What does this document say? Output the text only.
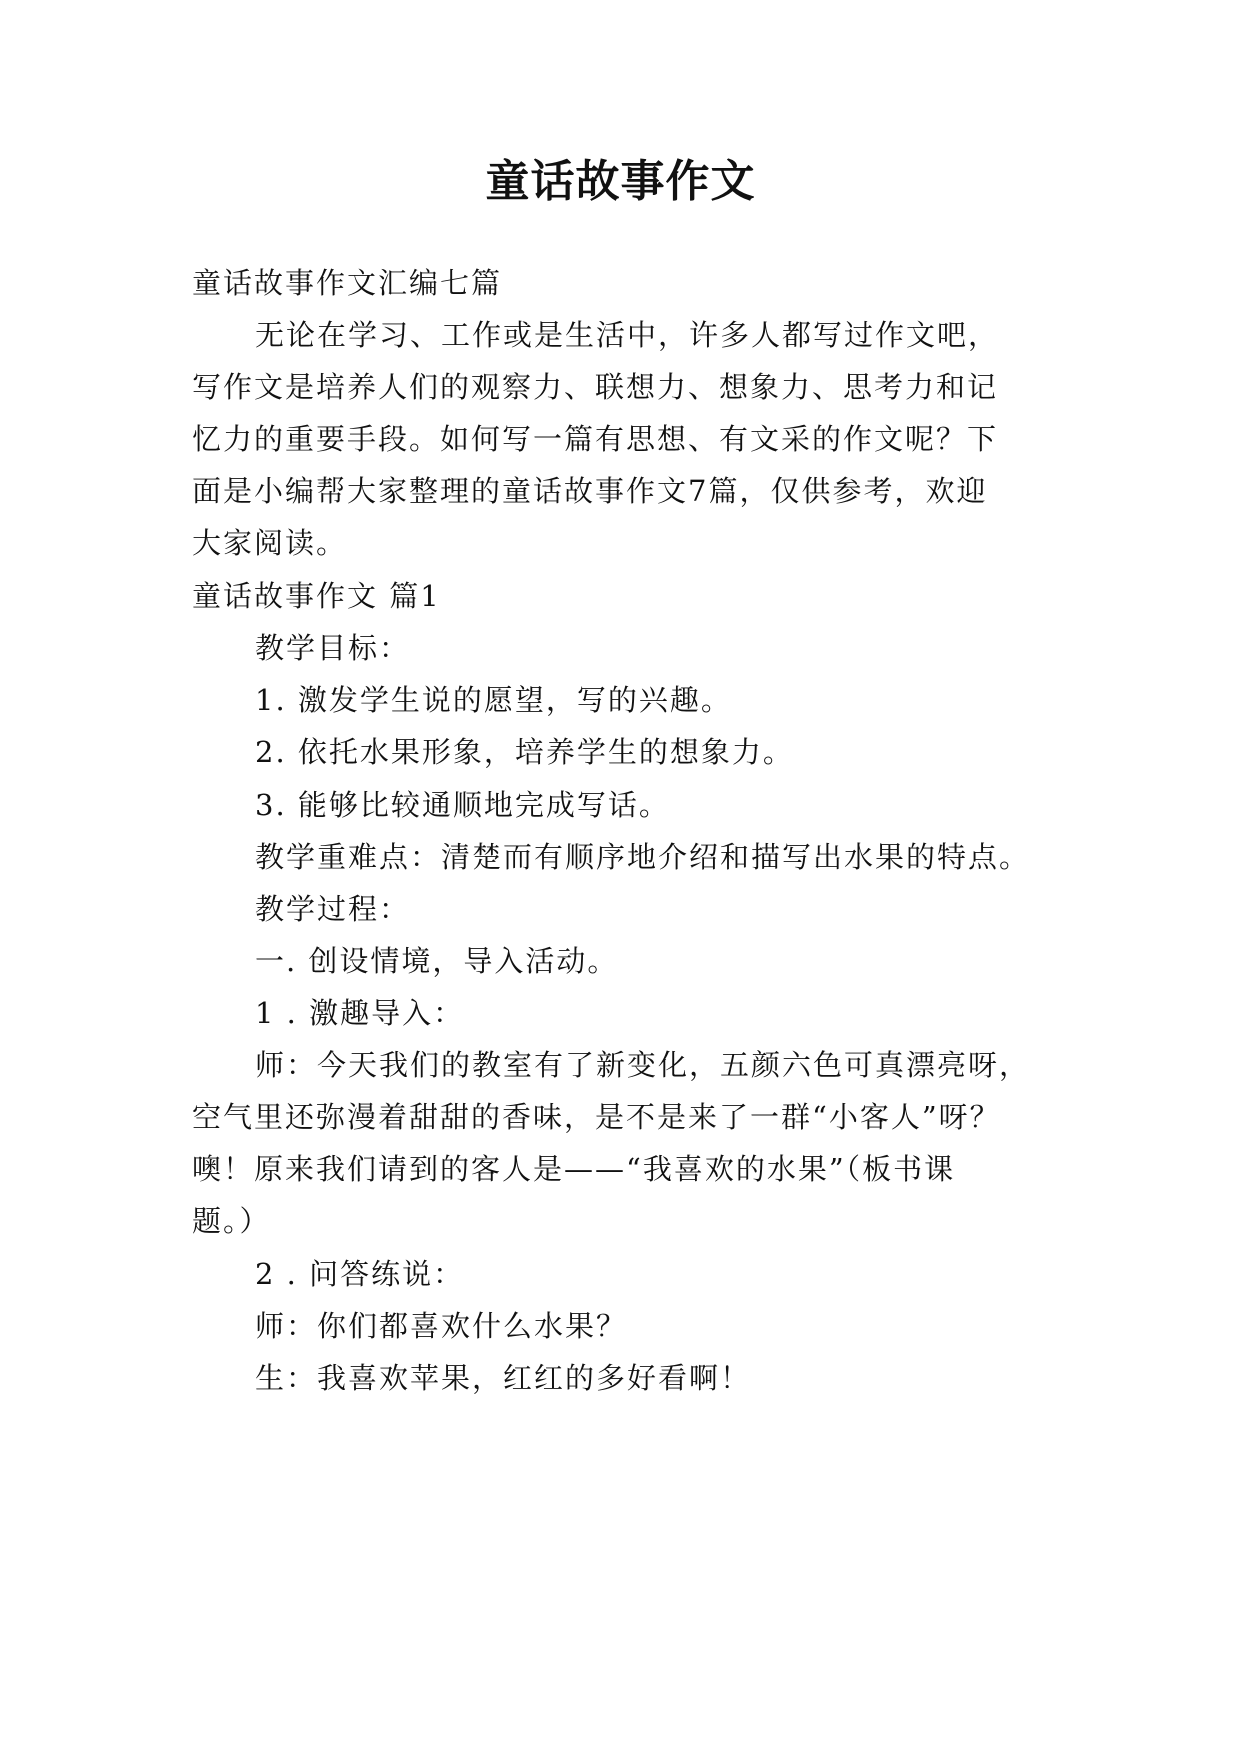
童话故事作文
童话故事作文汇编七篇
无论在学习、工作或是生活中，许多人都写过作文吧，
写作文是培养人们的观察力、联想力、想象力、思考力和记
忆力的重要手段。如何写一篇有思想、有文采的作文呢？下
面是小编帮大家整理的童话故事作文7篇，仅供参考，欢迎
大家阅读。
童话故事作文 篇1
教学目标：
1. 激发学生说的愿望，写的兴趣。
2. 依托水果形象，培养学生的想象力。
3. 能够比较通顺地完成写话。
教学重难点：清楚而有顺序地介绍和描写出水果的特点。
教学过程：
一. 创设情境，导入活动。
1 . 激趣导入：
师：今天我们的教室有了新变化，五颜六色可真漂亮呀，
空气里还弥漫着甜甜的香味，是不是来了一群“小客人”呀？
噢！原来我们请到的客人是——“我喜欢的水果”（板书课
题。）
2 . 问答练说：
师：你们都喜欢什么水果？
生：我喜欢苹果，红红的多好看啊！
